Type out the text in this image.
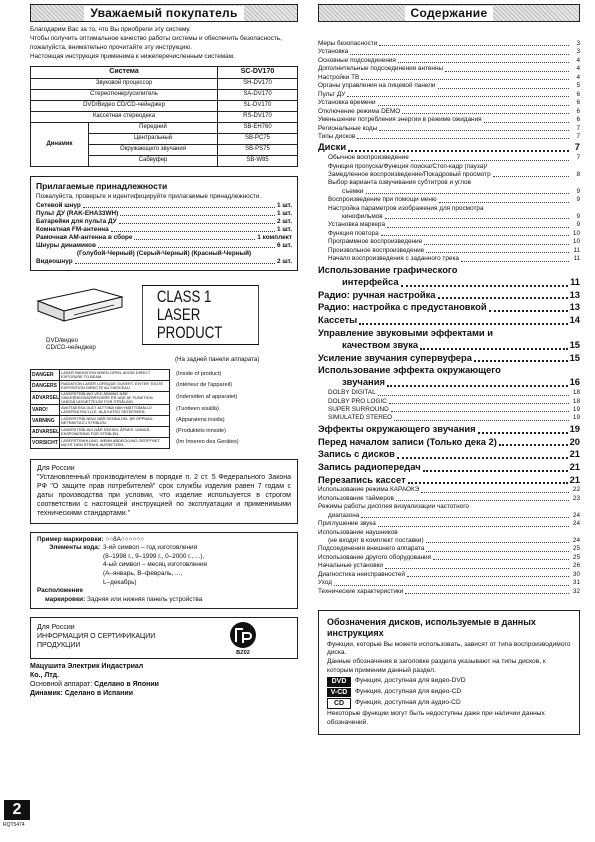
Уважаемый покупатель

Благодарим Вас за то, что Вы приобрели эту систему.

Чтобы получить оптимальное качество работы системы и обеспечить безопасность, пожалуйста, внимательно прочитайте эту инструкцию.

Настоящая инструкция применима к нижеперечисленным системам.

Система		SC-DV170
Звуковой процессор		SH-DV170
Стереотюнер/усилитель		SA-DV170
DVD/Видео CD/CD-чейнджер		SL-DV170
Кассетная стереодека		RS-DV170
Динамик	Передний	SB-EH760
	Центральный	SB-PC75
	Окружающего звучания	SB-PS75
	Сабвуфер	SB-W85
Прилагаемые принадлежности

Пожалуйста, проверьте и идентифицируйте прилагаемые принадлежности.

Сетевой шнур	1 шт.
Пульт ДУ (RAK-EHA33WH)	1 шт.
Батарейки для пульта ДУ	2 шт.
Комнатная FM-антенна	1 шт.
Рамочная АМ-антенна в сборе	1 комплект
Шнуры динамиков	6 шт.
(Голубой-Черный) (Серый-Черный) (Красный-Черный)
Видеошнур	2 шт.
DVD/видео
CD/CD-чейнджер
CLASS 1
LASER PRODUCT
(На задней панели аппарата)
DANGER	LASER RADIATION WHEN OPEN. AVOID DIRECT EXPOSURE TO BEAM.	(Inside of product)
DANGERS	RADIATION LASER LORSQUE OUVERT. EVITER TOUTE EXPOSITION DIRECTE AU FAISCEAU.	(Intérieur de l'appareil)
ADVARSEL	LASERSTRÅLING VED ÅBNING NÅR SIKKERHEDSAFBRYDERE ER UDE AF FUNKTION. UNDGÅ UDSÆTTELSE FOR STRÅLING.	(Indersiden af apparatet)
VARO!	AVATTAESSA OLET ALTTIINA NÄKYMÄTTÖMÄLLE LASERSÄTEILYLLE. ÄLÄ KATSO SÄTEESEEN.	(Tuotteen sisällä)
VARNING	LASERSTRÅLNING NÄR DENNA DEL ÄR ÖPPNAD. BETRAKTA EJ STRÅLEN.	(Apparatens insida)
ADVARSEL	LASERSTRÅLING NÅR DEKSEL ÅPNES. UNNGÅ EKSPONERING FOR STRÅLEN.	(Produktets innside)
VORSICHT	LASERSTRAHLUNG, WENN ABDECKUNG GEÖFFNET. NICHT DEM STRAHL AUSSETZEN.	(Im Inneren des Gerätes)
Для России
"Установленный производителем в порядке п. 2 ст. 5 Федерального Закона РФ "О защите прав потребителей" срок службы изделия равен 7 годам с даты производства при условии, что изделие используется в строгом соответствии с настоящей инструкцией по эксплуатации и применимыми техническими стандартами."
Пример маркировки: ○○8А○○○○○○
Элементы кода: 3-ий символ – год изготовления
(8–1998 г., 9–1999 г., 0–2000 г., ...),
4-ый символ – месяц изготовления
(А–январь, В–февраль, ...,
L–декабрь)
Расположение
маркировки: Задняя или нижняя панель устройства
Для России
ИНФОРМАЦИЯ О СЕРТИФИКАЦИИ
ПРОДУКЦИИ
BZ02
Мацушита Электрик Индастриал
Ко., Лтд.
Основной аппарат: Сделано в Японии
Динамик: Сделано в Испании
2
RQT5474
Содержание
Меры безопасности	3
Установка	3
Основные подсоединения	4
Дополнительные подсоединения антенны	4
Настройки ТВ	4
Органы управления на лицевой панели	5
Пульт ДУ	6
Установка времени	6
Отключение режима DEMO	6
Уменьшение потребления энергии в режиме ожидания	6
Региональные коды	7
Типы дисков	7
Диски	7
Обычное воспроизведение	7
Функция пропуска/Функция поиска/Стоп-кадр (пауза)/
Замедленное воспроизведение/Покадровый просмотр	8
Выбор варианта озвучивания субтитров и углов
съемки	9
Воспроизведение при помощи меню	9
Настройка параметров изображения для просмотра
кинофильмов	9
Установка маркера	9
Функция повтора	10
Программное воспроизведение	10
Произвольное воспроизведение	11
Начало воспроизведения с заданного трека	11
Использование графического
интерфейса	11
Радио: ручная настройка	13
Радио: настройка с предустановкой	13
Кассеты	14
Управление звуковыми эффектами и
качеством звука	15
Усиление звучания супервуфера	15
Использование эффекта окружающего
звучания	16
DOLBY DIGITAL	18
DOLBY PRO LOGIC	18
SUPER SURROUND	19
SIMULATED STEREO	19
Эффекты окружающего звучания	19
Перед началом записи (Только дека 2)	20
Запись с дисков	21
Запись радиопередач	21
Перезапись кассет	21
Использование режима КАРАОКЭ	22
Использование таймеров	23
Режимы работы дисплея визуализации частотного
диапазона	24
Приглушение звука	24
Использование наушников
(не входят в комплект поставки)	24
Подсоединения внешнего аппарата	25
Использование другого оборудования	25
Начальные установки	26
Диагностика неисправностей	30
Уход	31
Технические характеристики	32
Обозначения дисков, используемые в данных инструкциях

Функции, которые Вы можете использовать, зависят от типа воспроизводимого диска.

Данные обозначения в заголовке раздела указывают на типы дисков, к которым применим данный раздел.

DVD	Функция, доступная для видео-DVD
V-CD	Функция, доступная для видео-CD
CD	Функция, доступная для аудио-CD

Некоторые функции могут быть недоступны даже при наличии данных обозначений.
